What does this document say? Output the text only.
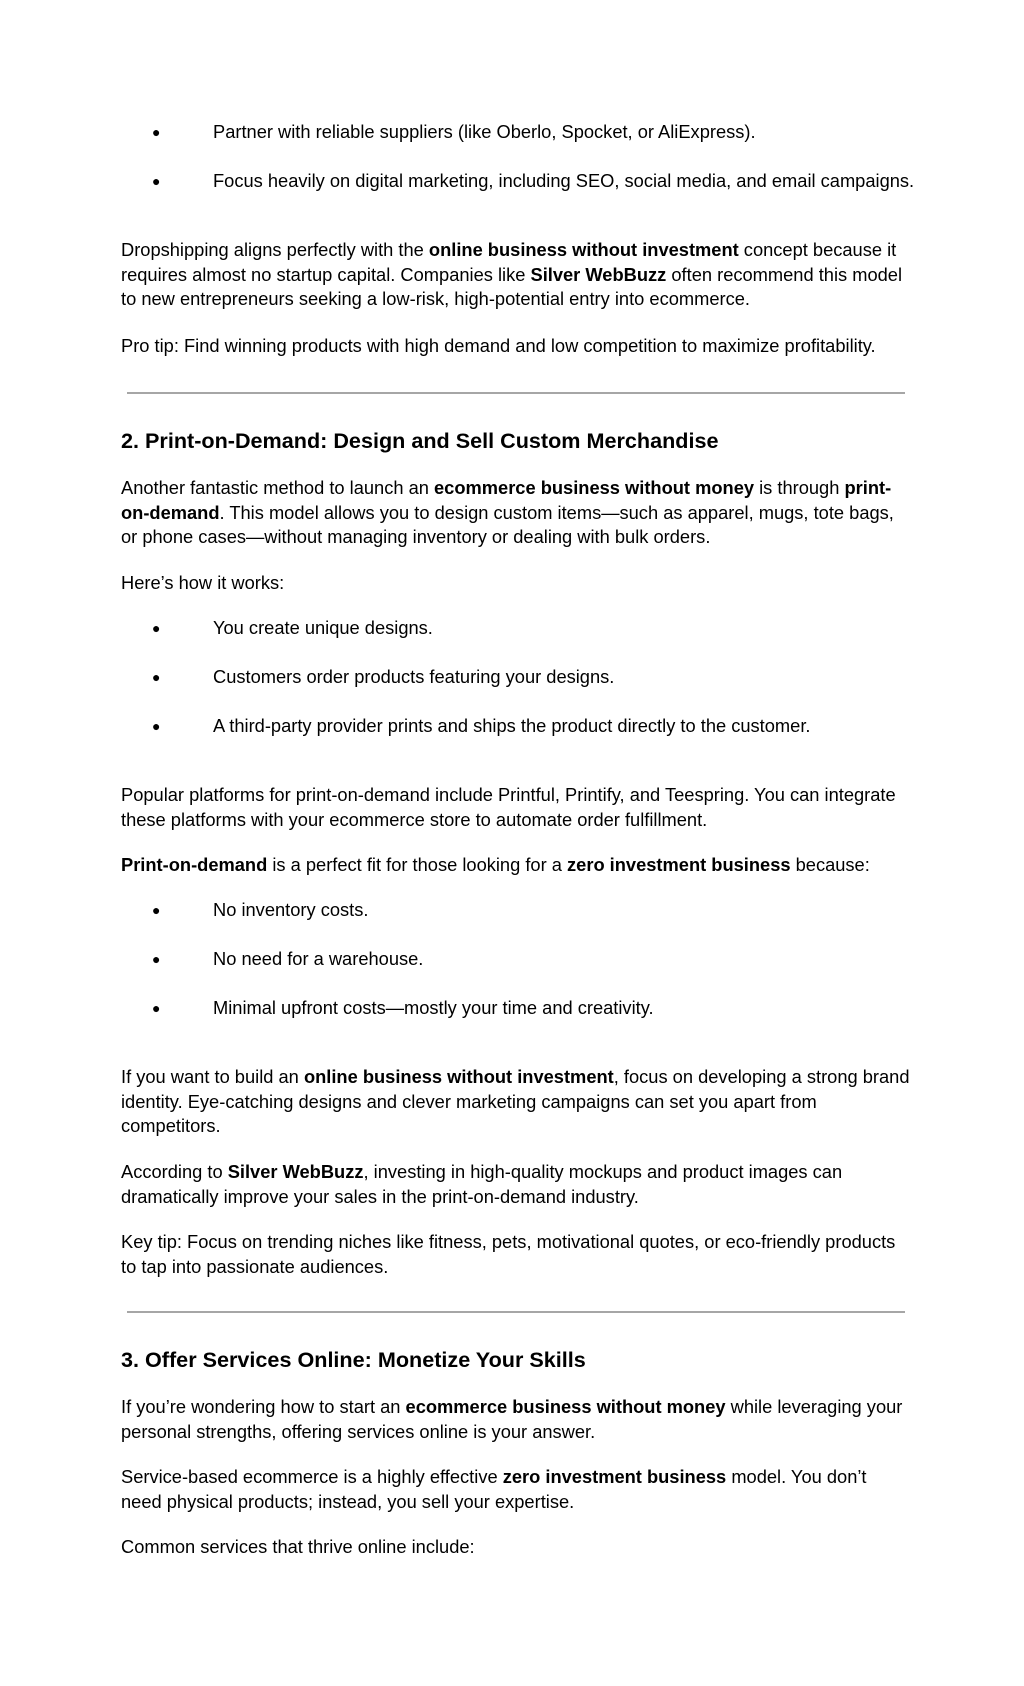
●	Partner with reliable suppliers (like Oberlo, Spocket, or AliExpress).
●	Focus heavily on digital marketing, including SEO, social media, and email campaigns.

Dropshipping aligns perfectly with the online business without investment concept because it requires almost no startup capital. Companies like Silver WebBuzz often recommend this model to new entrepreneurs seeking a low-risk, high-potential entry into ecommerce.

Pro tip: Find winning products with high demand and low competition to maximize profitability.

2. Print-on-Demand: Design and Sell Custom Merchandise

Another fantastic method to launch an ecommerce business without money is through print-on-demand. This model allows you to design custom items—such as apparel, mugs, tote bags, or phone cases—without managing inventory or dealing with bulk orders.

Here’s how it works:

●	You create unique designs.
●	Customers order products featuring your designs.
●	A third-party provider prints and ships the product directly to the customer.

Popular platforms for print-on-demand include Printful, Printify, and Teespring. You can integrate these platforms with your ecommerce store to automate order fulfillment.

Print-on-demand is a perfect fit for those looking for a zero investment business because:

●	No inventory costs.
●	No need for a warehouse.
●	Minimal upfront costs—mostly your time and creativity.

If you want to build an online business without investment, focus on developing a strong brand identity. Eye-catching designs and clever marketing campaigns can set you apart from competitors.

According to Silver WebBuzz, investing in high-quality mockups and product images can dramatically improve your sales in the print-on-demand industry.

Key tip: Focus on trending niches like fitness, pets, motivational quotes, or eco-friendly products to tap into passionate audiences.

3. Offer Services Online: Monetize Your Skills

If you’re wondering how to start an ecommerce business without money while leveraging your personal strengths, offering services online is your answer.

Service-based ecommerce is a highly effective zero investment business model. You don’t need physical products; instead, you sell your expertise.

Common services that thrive online include:
